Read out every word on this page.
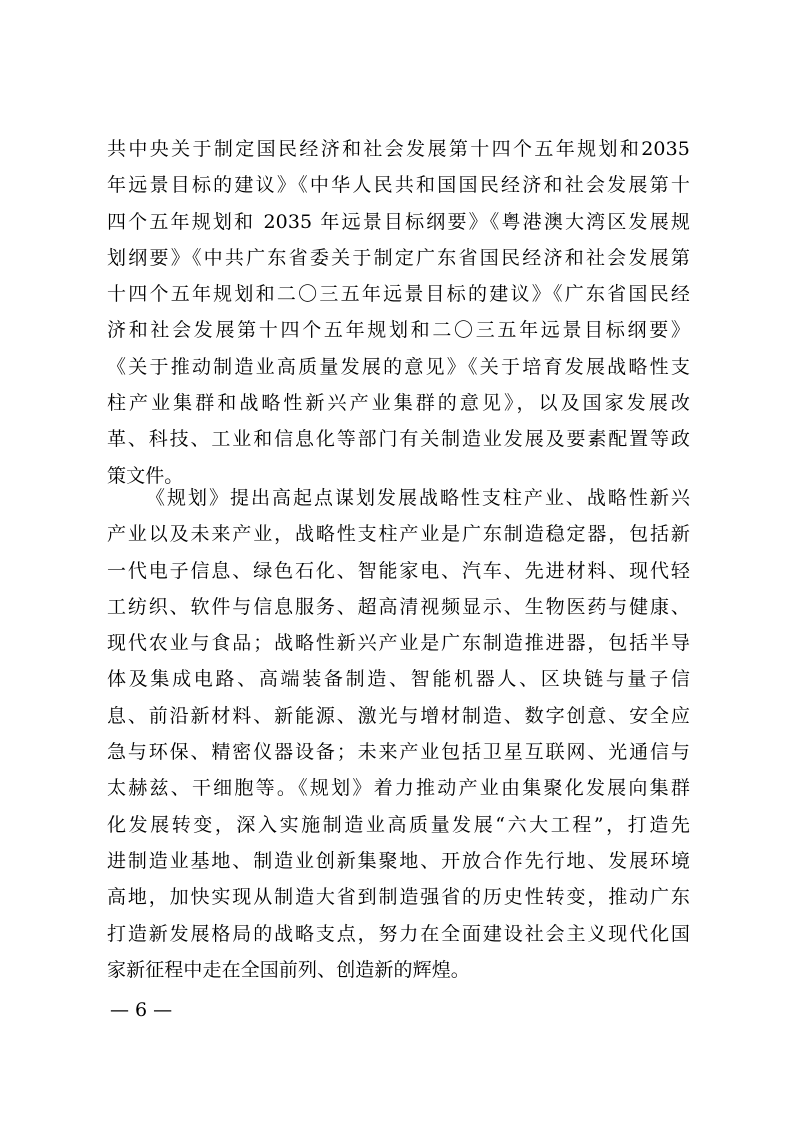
共中央关于制定国民经济和社会发展第十四个五年规划和2035
年远景目标的建议》《中华人民共和国国民经济和社会发展第十
四个五年规划和 2035 年远景目标纲要》《粤港澳大湾区发展规
划纲要》《中共广东省委关于制定广东省国民经济和社会发展第
十四个五年规划和二〇三五年远景目标的建议》《广东省国民经
济和社会发展第十四个五年规划和二〇三五年远景目标纲要》
《关于推动制造业高质量发展的意见》《关于培育发展战略性支
柱产业集群和战略性新兴产业集群的意见》，以及国家发展改
革、科技、工业和信息化等部门有关制造业发展及要素配置等政
策文件。
《规划》提出高起点谋划发展战略性支柱产业、战略性新兴
产业以及未来产业，战略性支柱产业是广东制造稳定器，包括新
一代电子信息、绿色石化、智能家电、汽车、先进材料、现代轻
工纺织、软件与信息服务、超高清视频显示、生物医药与健康、
现代农业与食品；战略性新兴产业是广东制造推进器，包括半导
体及集成电路、高端装备制造、智能机器人、区块链与量子信
息、前沿新材料、新能源、激光与增材制造、数字创意、安全应
急与环保、精密仪器设备；未来产业包括卫星互联网、光通信与
太赫兹、干细胞等。《规划》着力推动产业由集聚化发展向集群
化发展转变，深入实施制造业高质量发展“六大工程”，打造先
进制造业基地、制造业创新集聚地、开放合作先行地、发展环境
高地，加快实现从制造大省到制造强省的历史性转变，推动广东
打造新发展格局的战略支点，努力在全面建设社会主义现代化国
家新征程中走在全国前列、创造新的辉煌。
— 6 —
